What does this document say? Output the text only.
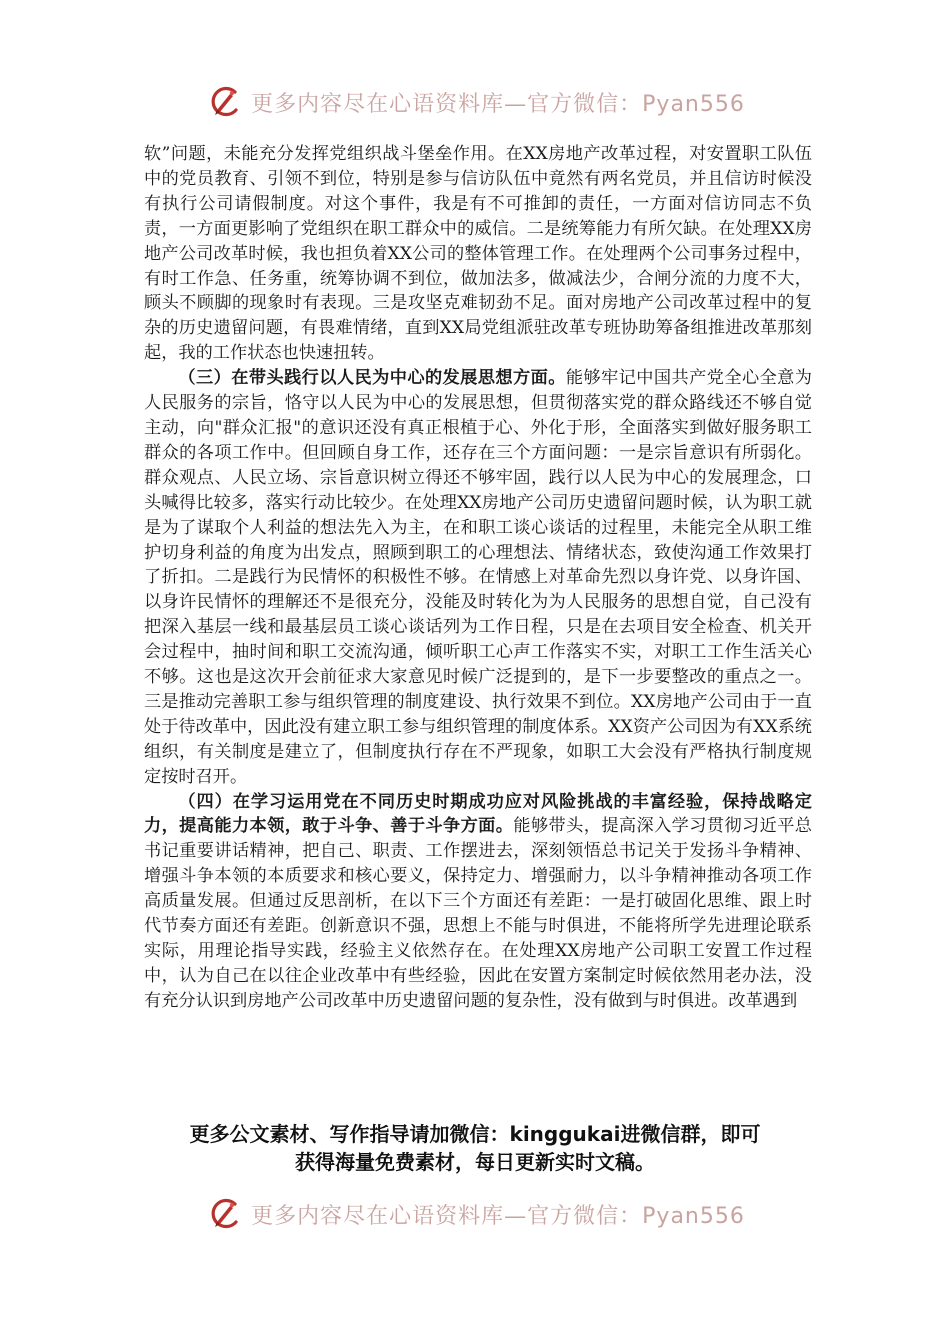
更多内容尽在心语资料库—官方微信：Pyan556

软”问题，未能充分发挥党组织战斗堡垒作用。在XX房地产改革过程，对安置职工队伍中的党员教育、引领不到位，特别是参与信访队伍中竟然有两名党员，并且信访时候没有执行公司请假制度。对这个事件，我是有不可推卸的责任，一方面对信访同志不负责，一方面更影响了党组织在职工群众中的威信。二是统筹能力有所欠缺。在处理XX房地产公司改革时候，我也担负着XX公司的整体管理工作。在处理两个公司事务过程中，有时工作急、任务重，统筹协调不到位，做加法多，做减法少，合闸分流的力度不大，顾头不顾脚的现象时有表现。三是攻坚克难韧劲不足。面对房地产公司改革过程中的复杂的历史遗留问题，有畏难情绪，直到XX局党组派驻改革专班协助筹备组推进改革那刻起，我的工作状态也快速扭转。

（三）在带头践行以人民为中心的发展思想方面。能够牢记中国共产党全心全意为人民服务的宗旨，恪守以人民为中心的发展思想，但贯彻落实党的群众路线还不够自觉主动，向"群众汇报"的意识还没有真正根植于心、外化于形，全面落实到做好服务职工群众的各项工作中。但回顾自身工作，还存在三个方面问题：一是宗旨意识有所弱化。群众观点、人民立场、宗旨意识树立得还不够牢固，践行以人民为中心的发展理念，口头喊得比较多，落实行动比较少。在处理XX房地产公司历史遗留问题时候，认为职工就是为了谋取个人利益的想法先入为主，在和职工谈心谈话的过程里，未能完全从职工维护切身利益的角度为出发点，照顾到职工的心理想法、情绪状态，致使沟通工作效果打了折扣。二是践行为民情怀的积极性不够。在情感上对革命先烈以身许党、以身许国、以身许民情怀的理解还不是很充分，没能及时转化为为人民服务的思想自觉，自己没有把深入基层一线和最基层员工谈心谈话列为工作日程，只是在去项目安全检查、机关开会过程中，抽时间和职工交流沟通，倾听职工心声工作落实不实，对职工工作生活关心不够。这也是这次开会前征求大家意见时候广泛提到的，是下一步要整改的重点之一。三是推动完善职工参与组织管理的制度建设、执行效果不到位。XX房地产公司由于一直处于待改革中，因此没有建立职工参与组织管理的制度体系。XX资产公司因为有XX系统组织，有关制度是建立了，但制度执行存在不严现象，如职工大会没有严格执行制度规定按时召开。

（四）在学习运用党在不同历史时期成功应对风险挑战的丰富经验，保持战略定力，提高能力本领，敢于斗争、善于斗争方面。能够带头，提高深入学习贯彻习近平总书记重要讲话精神，把自己、职责、工作摆进去，深刻领悟总书记关于发扬斗争精神、增强斗争本领的本质要求和核心要义，保持定力、增强耐力，以斗争精神推动各项工作高质量发展。但通过反思剖析，在以下三个方面还有差距：一是打破固化思维、跟上时代节奏方面还有差距。创新意识不强，思想上不能与时俱进，不能将所学先进理论联系实际，用理论指导实践，经验主义依然存在。在处理XX房地产公司职工安置工作过程中，认为自己在以往企业改革中有些经验，因此在安置方案制定时候依然用老办法，没有充分认识到房地产公司改革中历史遗留问题的复杂性，没有做到与时俱进。改革遇到

更多公文素材、写作指导请加微信：kinggukai进微信群，即可
获得海量免费素材，每日更新实时文稿。
更多内容尽在心语资料库—官方微信：Pyan556
